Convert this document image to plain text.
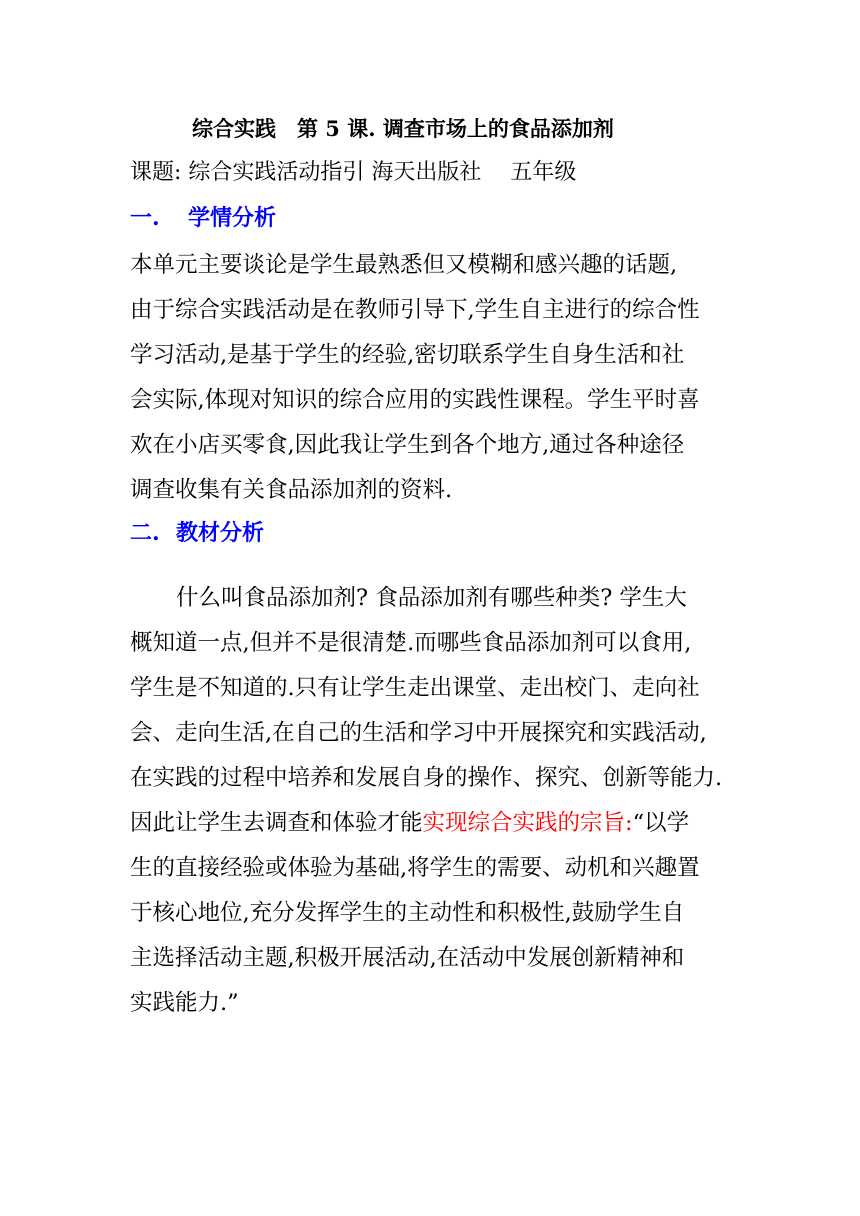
综合实践　第 5 课. 调查市场上的食品添加剂
课题: 综合实践活动指引 海天出版社　 五年级
一. 学情分析
本单元主要谈论是学生最熟悉但又模糊和感兴趣的话题,
由于综合实践活动是在教师引导下,学生自主进行的综合性
学习活动,是基于学生的经验,密切联系学生自身生活和社
会实际,体现对知识的综合应用的实践性课程。学生平时喜
欢在小店买零食,因此我让学生到各个地方,通过各种途径
调查收集有关食品添加剂的资料.
二. 教材分析
什么叫食品添加剂? 食品添加剂有哪些种类? 学生大
概知道一点,但并不是很清楚.而哪些食品添加剂可以食用,
学生是不知道的.只有让学生走出课堂、走出校门、走向社
会、走向生活,在自己的生活和学习中开展探究和实践活动,
在实践的过程中培养和发展自身的操作、探究、创新等能力.
因此让学生去调查和体验才能实现综合实践的宗旨:“以学
生的直接经验或体验为基础,将学生的需要、动机和兴趣置
于核心地位,充分发挥学生的主动性和积极性,鼓励学生自
主选择活动主题,积极开展活动,在活动中发展创新精神和
实践能力.”
